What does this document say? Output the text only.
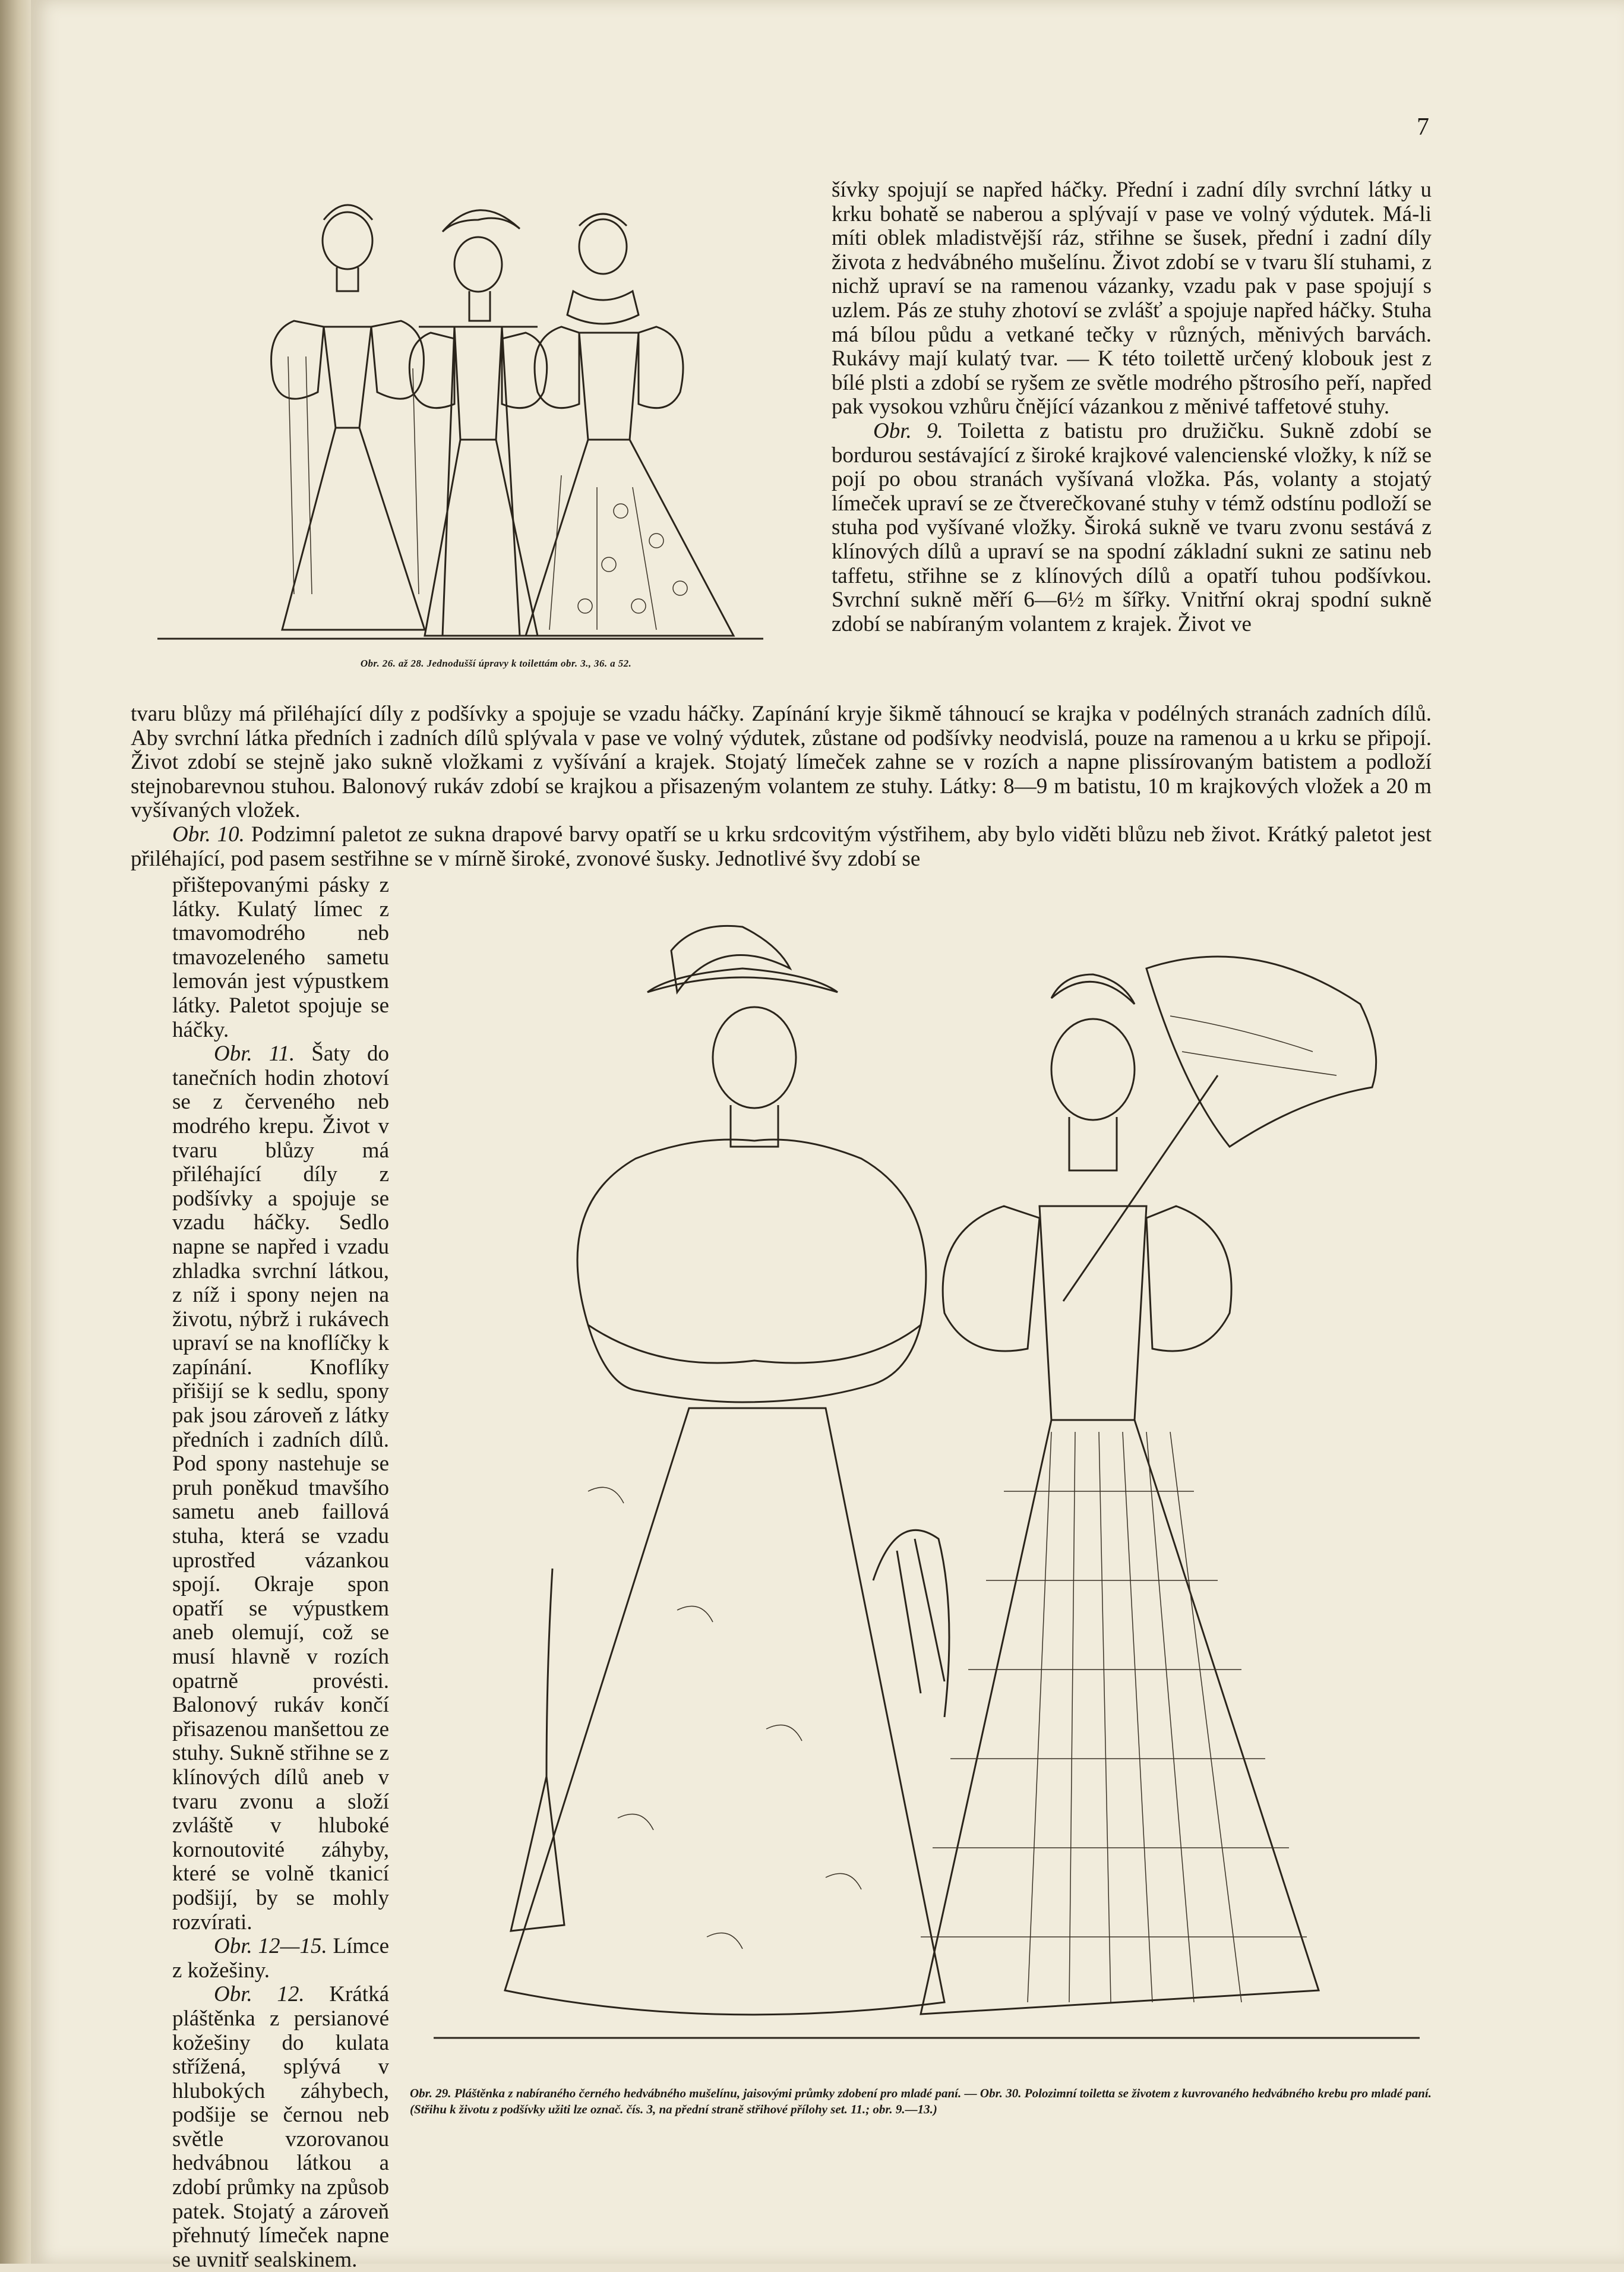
7
Obr. 26. až 28. Jednodušší úpravy k toilettám obr. 3., 36. a 52.

šívky spojují se napřed háčky. Přední i zadní díly svrchní látky u krku bohatě se naberou a splývají v pase ve volný výdutek. Má-li míti oblek mladistvější ráz, střihne se šusek, přední i zadní díly života z hedvábného mušelínu. Život zdobí se v tvaru šlí stuhami, z nichž upraví se na ramenou vázanky, vzadu pak v pase spojují s uzlem. Pás ze stuhy zhotoví se zvlášť a spojuje napřed háčky. Stuha má bílou půdu a vetkané tečky v různých, měnivých barvách. Rukávy mají kulatý tvar. — K této toilettě určený klobouk jest z bílé plsti a zdobí se ryšem ze světle modrého pštrosího peří, napřed pak vysokou vzhůru čnějící vázankou z měnivé taffetové stuhy.

Obr. 9. Toiletta z batistu pro družičku. Sukně zdobí se bordurou sestávající z široké krajkové valencienské vložky, k níž se pojí po obou stranách vyšívaná vložka. Pás, volanty a stojatý límeček upraví se ze čtverečkované stuhy v témž odstínu podloží se stuha pod vyšívané vložky. Široká sukně ve tvaru zvonu sestává z klínových dílů a upraví se na spodní základní sukni ze satinu neb taffetu, střihne se z klínových dílů a opatří tuhou podšívkou. Svrchní sukně měří 6—6½ m šířky. Vnitřní okraj spodní sukně zdobí se nabíraným volantem z krajek. Život ve

tvaru blůzy má přiléhající díly z podšívky a spojuje se vzadu háčky. Zapínání kryje šikmě táhnoucí se krajka v podélných stranách zadních dílů. Aby svrchní látka předních i zadních dílů splývala v pase ve volný výdutek, zůstane od podšívky neodvislá, pouze na ramenou a u krku se připojí. Život zdobí se stejně jako sukně vložkami z vyšívání a krajek. Stojatý límeček zahne se v rozích a napne plissírovaným batistem a podloží stejnobarevnou stuhou. Balonový rukáv zdobí se krajkou a přisazeným volantem ze stuhy. Látky: 8—9 m batistu, 10 m krajkových vložek a 20 m vyšívaných vložek.

Obr. 10. Podzimní paletot ze sukna drapové barvy opatří se u krku srdcovitým výstřihem, aby bylo viděti blůzu neb život. Krátký paletot jest přiléhající, pod pasem sestřihne se v mírně široké, zvonové šusky. Jednotlivé švy zdobí se

přištepovanými pásky z látky. Kulatý límec z tmavomodrého neb tmavozeleného sametu lemován jest výpustkem látky. Paletot spojuje se háčky.

Obr. 11. Šaty do tanečních hodin zhotoví se z červeného neb modrého krepu. Život v tvaru blůzy má přiléhající díly z podšívky a spojuje se vzadu háčky. Sedlo napne se napřed i vzadu zhladka svrchní látkou, z níž i spony nejen na životu, nýbrž i rukávech upraví se na knoflíčky k zapínání. Knoflíky přišijí se k sedlu, spony pak jsou zároveň z látky předních i zadních dílů. Pod spony nastehuje se pruh poněkud tmavšího sametu aneb faillová stuha, která se vzadu uprostřed vázankou spojí. Okraje spon opatří se výpustkem aneb olemují, což se musí hlavně v rozích opatrně provésti. Balonový rukáv končí přisazenou manšettou ze stuhy. Sukně střihne se z klínových dílů aneb v tvaru zvonu a složí zvláště v hluboké kornoutovité záhyby, které se volně tkanicí podšijí, by se mohly rozvírati.

Obr. 12—15. Límce z kožešiny.

Obr. 12. Krátká pláštěnka z persianové kožešiny do kulata střížená, splývá v hlubokých záhybech, podšije se černou neb světle vzorovanou hedvábnou látkou a zdobí průmky na způsob patek. Stojatý a zároveň přehnutý límeček napne se uvnitř sealskinem.

Obr. 29. Pláštěnka z nabíraného černého hedvábného mušelínu, jaisovými průmky zdobení pro mladé paní. — Obr. 30. Polozimní toiletta se životem z kuvrovaného hedvábného krebu pro mladé paní. (Střihu k životu z podšívky užiti lze označ. čís. 3, na přední straně střihové přílohy set. 11.; obr. 9.—13.)
